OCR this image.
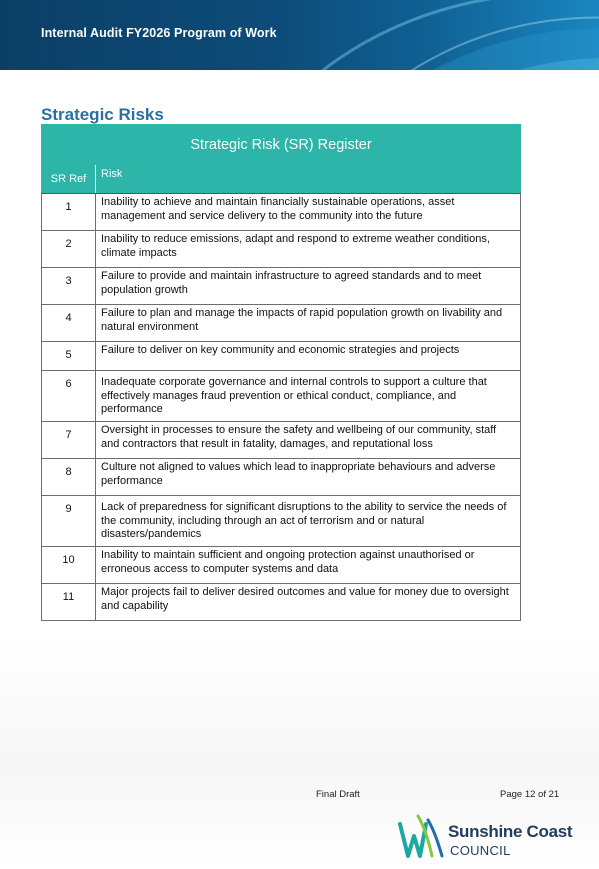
Internal Audit FY2026 Program of Work
Strategic Risks
Strategic Risk (SR) Register	
SR Ref	Risk
1	Inability to achieve and maintain financially sustainable operations, asset management and service delivery to the community into the future
2	Inability to reduce emissions, adapt and respond to extreme weather conditions, climate impacts
3	Failure to provide and maintain infrastructure to agreed standards and to meet population growth
4	Failure to plan and manage the impacts of rapid population growth on livability and natural environment
5	Failure to deliver on key community and economic strategies and projects
6	Inadequate corporate governance and internal controls to support a culture that effectively manages fraud prevention or ethical conduct, compliance, and performance
7	Oversight in processes to ensure the safety and wellbeing of our community, staff and contractors that result in fatality, damages, and reputational loss
8	Culture not aligned to values which lead to inappropriate behaviours and adverse performance
9	Lack of preparedness for significant disruptions to the ability to service the needs of the community, including through an act of terrorism and or natural disasters/pandemics
10	Inability to maintain sufficient and ongoing protection against unauthorised or erroneous access to computer systems and data
11	Major projects fail to deliver desired outcomes and value for money due to oversight and capability
Final Draft	Page 12 of 21
Sunshine Coast
COUNCIL
